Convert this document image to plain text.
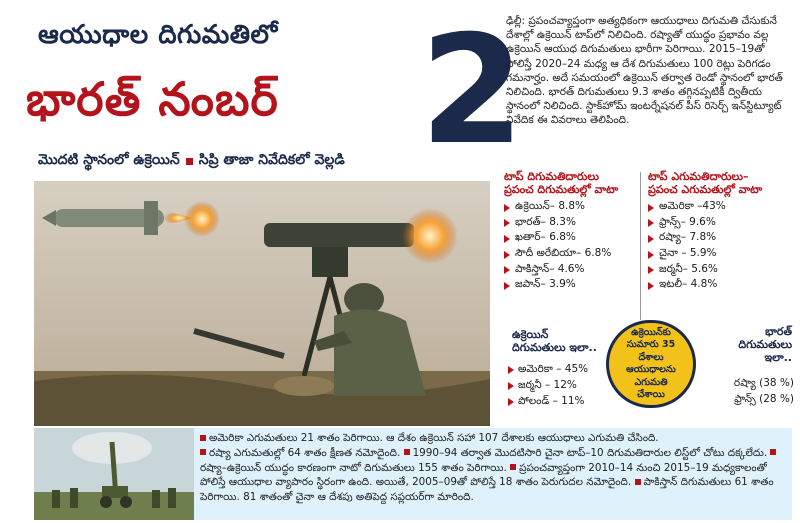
ఆయుధాల దిగుమతిలో
భారత్ నంబర్ 2
మొదటి స్థానంలో ఉక్రెయిన్ సిప్రి తాజా నివేదికలో వెల్లడి
ఢిల్లీ: ప్రపంచవ్యాప్తంగా అత్యధికంగా ఆయుధాలు దిగుమతి చేసుకునే దేశాల్లో ఉక్రెయిన్ టాప్‌లో నిలిచింది. రష్యాతో యుద్ధం ప్రభావం వల్ల ఉక్రెయిన్ ఆయుధ దిగుమతులు భారీగా పెరిగాయి. 2015–19తో పోలిస్తే 2020–24 మధ్య ఆ దేశ దిగుమతులు 100 రెట్లు పెరిగడం గమనార్హం. అదే సమయంలో ఉక్రెయిన్ తర్వాత రెండో స్థానంలో భారత్ నిలిచింది. భారత్ దిగుమతులు 9.3 శాతం తగ్గినప్పటికీ ద్వితీయ స్థానంలో నిలిచింది. స్టాక్‌హోమ్ ఇంటర్నేషనల్ పీస్ రిసెర్చ్ ఇన్‌స్టిట్యూట్ నివేదిక ఈ వివరాలు తెలిపింది.
టాప్ దిగుమతిదారులు
ప్రపంచ దిగుమతుల్లో వాటా
ఉక్రెయిన్– 8.8%
భారత్– 8.3%
ఖతార్– 6.8%
సౌదీ అరేబియా– 6.8%
పాకిస్తాన్– 4.6%
జపాన్– 3.9%
టాప్ ఎగుమతిదారులు–
ప్రపంచ ఎగుమతుల్లో వాటా
అమెరికా –43%
ఫ్రాన్స్– 9.6%
రష్యా– 7.8%
చైనా – 5.9%
జర్మనీ– 5.6%
ఇటలీ– 4.8%
ఉక్రెయిన్
దిగుమతులు ఇలా..
అమెరికా – 45%
జర్మనీ – 12%
పోలండ్ – 11%
ఉక్రెయిన్‌కు
సుమారు 35
దేశాలు
ఆయుధాలను
ఎగుమతి
చేశాయి
భారత్
దిగుమతులు
ఇలా..
రష్యా (38 %)
ఫ్రాన్స్ (28 %)
అమెరికా ఎగుమతులు 21 శాతం పెరిగాయి. ఆ దేశం ఉక్రెయిన్ సహా 107 దేశాలకు ఆయుధాలు ఎగుమతి చేసింది.
రష్యా ఎగుమతుల్లో 64 శాతం క్షీణత నమోదైంది. 1990–94 తర్వాత మొదటిసారి చైనా టాప్–10 దిగుమతిదారుల లిస్ట్‌లో చోటు దక్కలేదు. రష్యా–ఉక్రెయిన్ యుద్ధం కారణంగా నాటో దిగుమతులు 155 శాతం పెరిగాయి. ప్రపంచవ్యాప్తంగా 2010–14 నుంచి 2015–19 మధ్యకాలంతో పోలిస్తే ఆయుధాల వ్యాపారం స్థిరంగా ఉంది. అయితే, 2005–09తో పోలిస్తే 18 శాతం పెరుగుదల నమోదైంది. పాకిస్తాన్ దిగుమతులు 61 శాతం పెరిగాయి. 81 శాతంతో చైనా ఆ దేశపు అతిపెద్ద సప్లయర్‌గా మారింది.
